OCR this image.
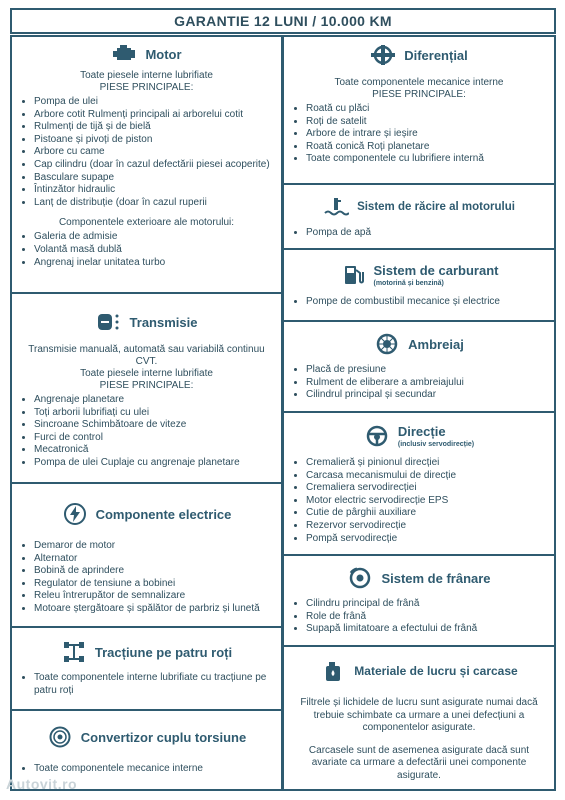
GARANTIE 12 LUNI / 10.000 KM
Motor
Toate piesele interne lubrifiate
PIESE PRINCIPALE:
• Pompa de ulei
• Arbore cotit Rulmenți principali ai arborelui cotit
• Rulmenți de tijă și de bielă
• Pistoane și pivoți de piston
• Arbore cu came
• Cap cilindru (doar în cazul defectării piesei acoperite)
• Basculare supape
• Întinzător hidraulic
• Lanț de distribuție (doar în cazul ruperii
Componentele exterioare ale motorului:
• Galeria de admisie
• Volantă masă dublă
• Angrenaj inelar unitatea turbo
Diferențial
Toate componentele mecanice interne
PIESE PRINCIPALE:
• Roată cu plăci
• Roți de satelit
• Arbore de intrare și ieșire
• Roată conică Roți planetare
• Toate componentele cu lubrifiere internă
Sistem de răcire al motorului
• Pompa de apă
Sistem de carburant
(motorină și benzină)
• Pompe de combustibil mecanice și electrice
Transmisie
Transmisie manuală, automată sau variabilă continuu CVT.
Toate piesele interne lubrifiate
PIESE PRINCIPALE:
• Angrenaje planetare
• Toți arborii lubrifiați cu ulei
• Sincroane Schimbătoare de viteze
• Furci de control
• Mecatronică
• Pompa de ulei Cuplaje cu angrenaje planetare
Ambreiaj
• Placă de presiune
• Rulment de eliberare a ambreiajului
• Cilindrul principal și secundar
Direcție
(inclusiv servodirecție)
• Cremalieră și pinionul direcției
• Carcasa mecanismului de direcție
• Cremaliera servodirecției
• Motor electric servodirecție EPS
• Cutie de pârghii auxiliare
• Rezervor servodirecție
• Pompă servodirecție
Componente electrice
• Demaror de motor
• Alternator
• Bobină de aprindere
• Regulator de tensiune a bobinei
• Releu întrerupător de semnalizare
• Motoare ștergătoare și spălător de parbriz și lunetă
Sistem de frânare
• Cilindru principal de frână
• Role de frână
• Supapă limitatoare a efectului de frână
Tracțiune pe patru roți
• Toate componentele interne lubrifiate cu tracțiune pe patru roți
Materiale de lucru și carcase
Filtrele și lichidele de lucru sunt asigurate numai dacă trebuie schimbate ca urmare a unei defecțiuni a componentelor asigurate.
Carcasele sunt de asemenea asigurate dacă sunt avariate ca urmare a defectării unei componente asigurate.
Convertizor cuplu torsiune
• Toate componentele mecanice interne
Autovit.ro
